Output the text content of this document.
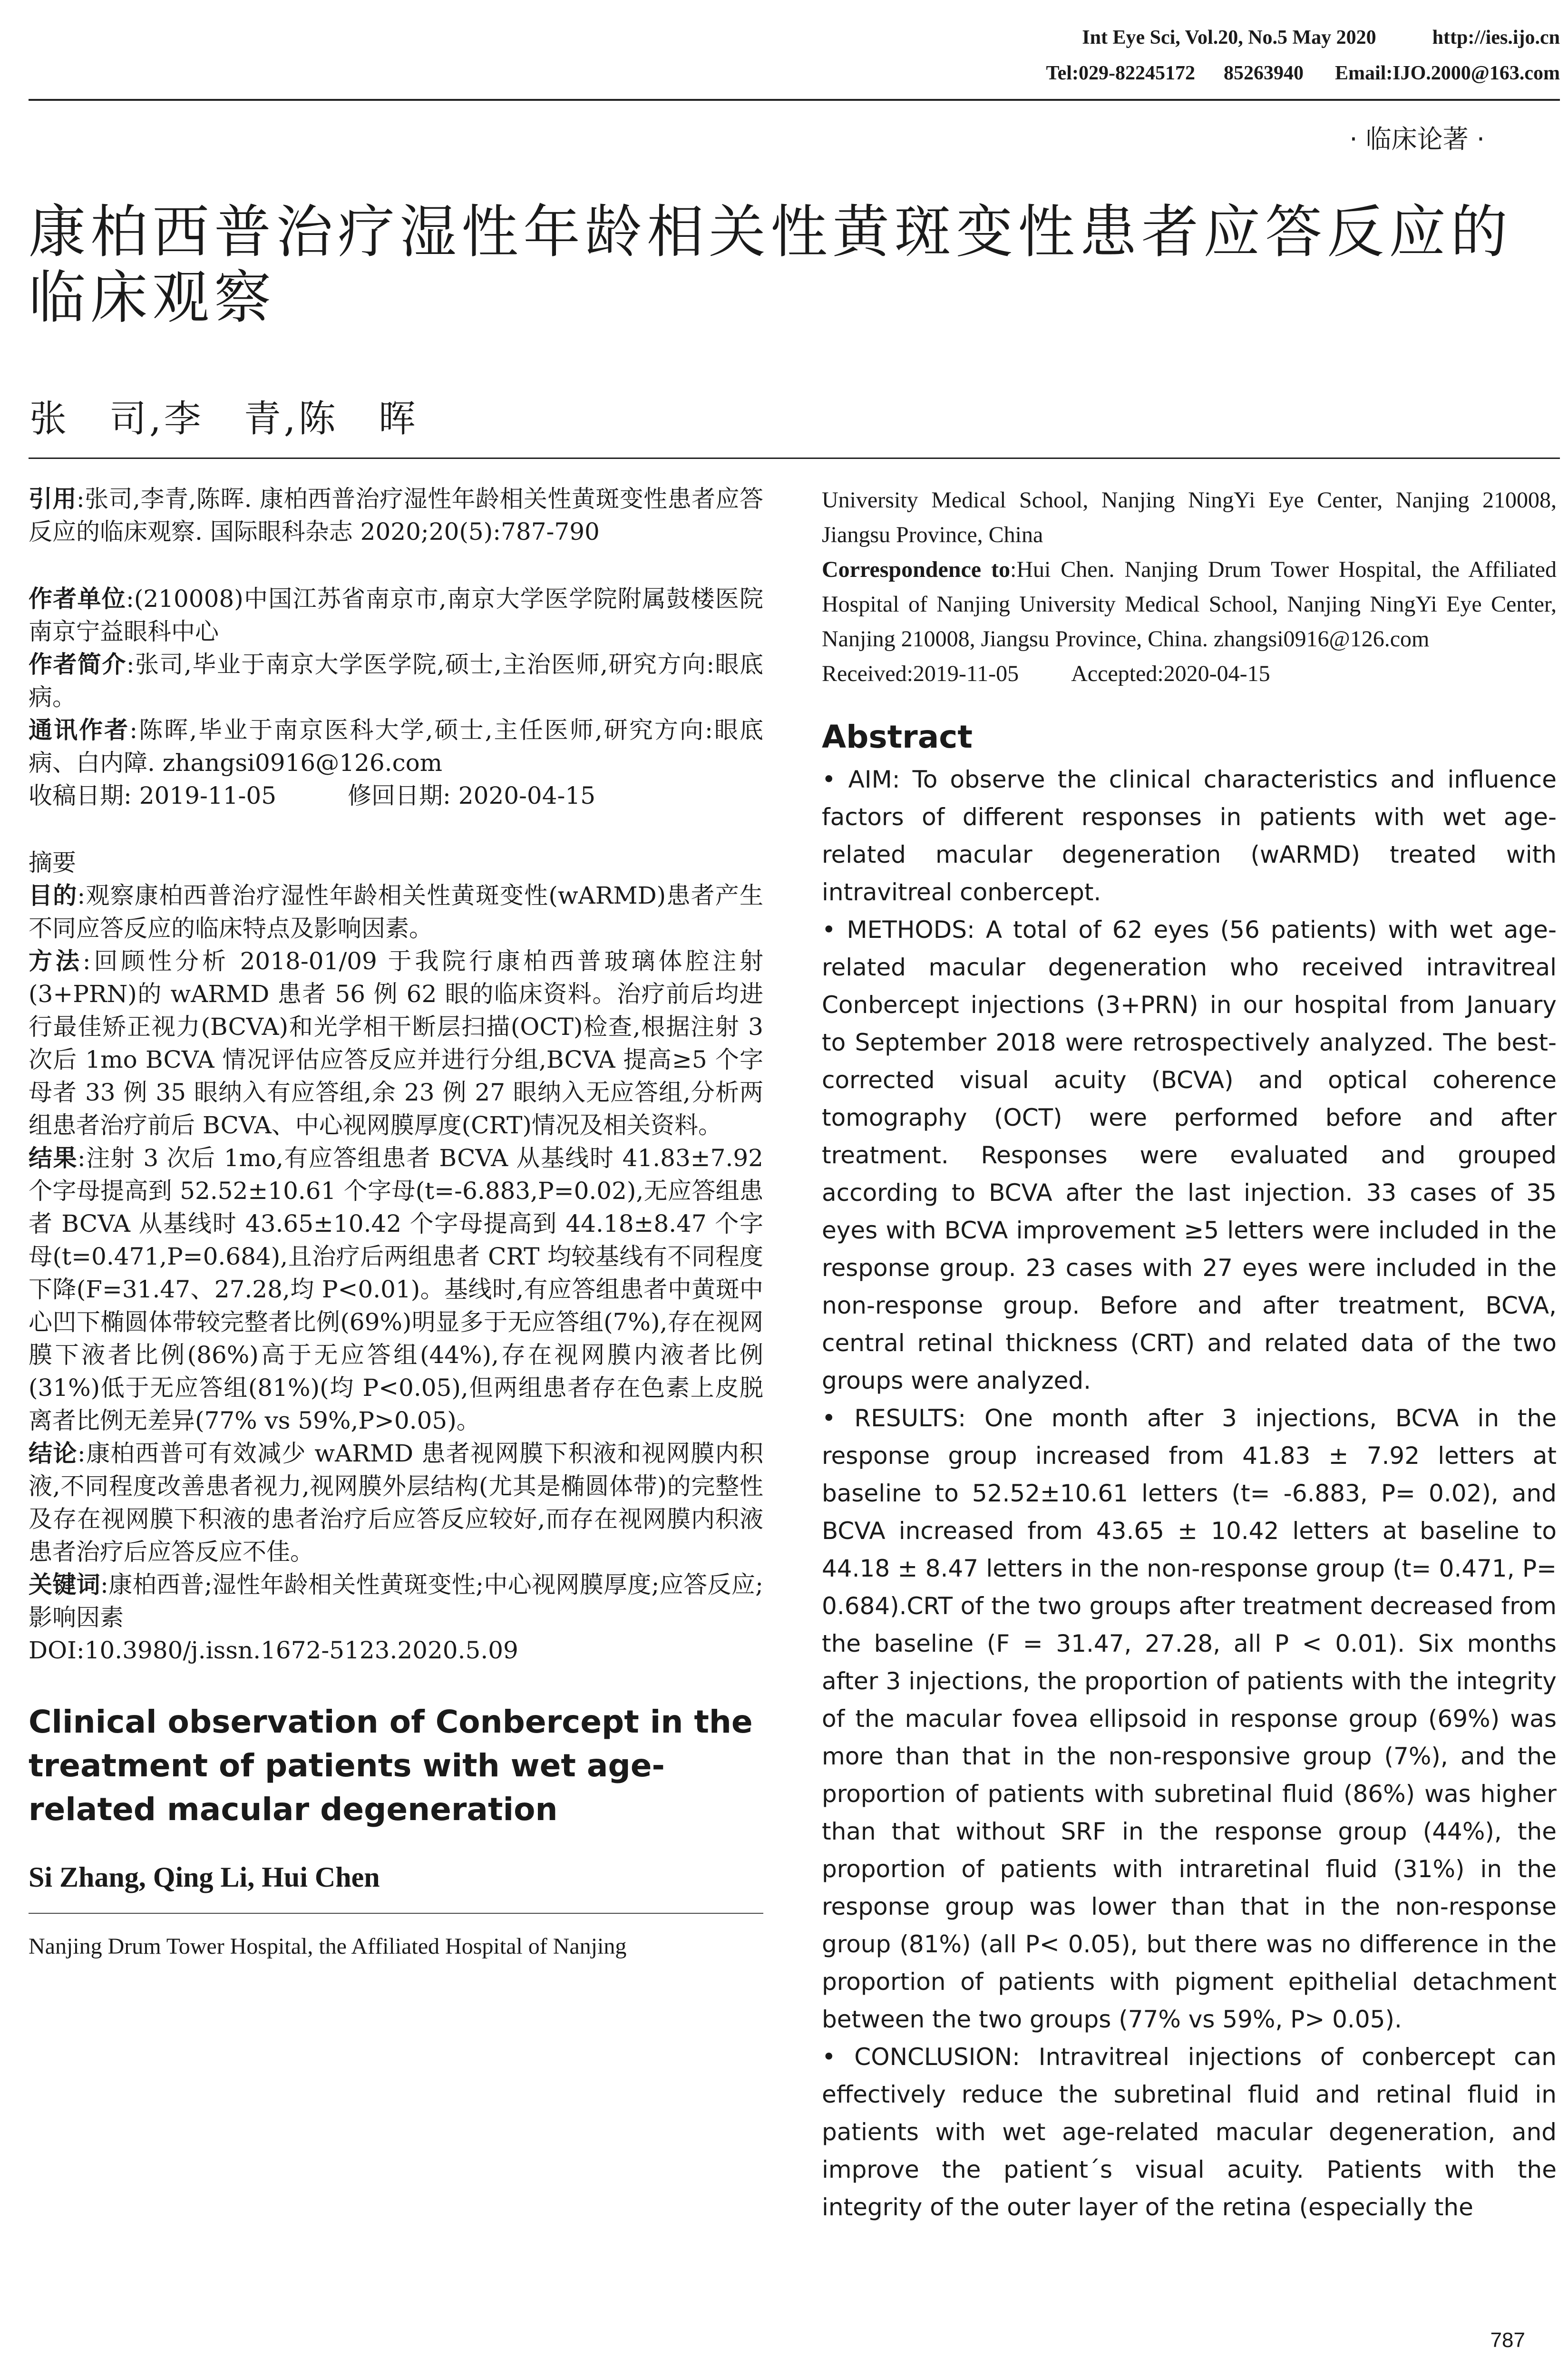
Int Eye Sci, Vol.20, No.5 May 2020	http://ies.ijo.cn
Tel:029-82245172 85263940 Email:IJO.2000@163.com
· 临床论著 ·
康柏西普治疗湿性年龄相关性黄斑变性患者应答反应的临床观察
张　司,李　青,陈　晖

引用:张司,李青,陈晖. 康柏西普治疗湿性年龄相关性黄斑变性患者应答反应的临床观察. 国际眼科杂志 2020;20(5):787-790

作者单位:(210008)中国江苏省南京市,南京大学医学院附属鼓楼医院 南京宁益眼科中心

作者简介:张司,毕业于南京大学医学院,硕士,主治医师,研究方向:眼底病。

通讯作者:陈晖,毕业于南京医科大学,硕士,主任医师,研究方向:眼底病、白内障. zhangsi0916@126.com

收稿日期: 2019-11-05　　　修回日期: 2020-04-15

摘要

目的:观察康柏西普治疗湿性年龄相关性黄斑变性(wARMD)患者产生不同应答反应的临床特点及影响因素。

方法:回顾性分析 2018-01/09 于我院行康柏西普玻璃体腔注射(3+PRN)的 wARMD 患者 56 例 62 眼的临床资料。治疗前后均进行最佳矫正视力(BCVA)和光学相干断层扫描(OCT)检查,根据注射 3 次后 1mo BCVA 情况评估应答反应并进行分组,BCVA 提高≥5 个字母者 33 例 35 眼纳入有应答组,余 23 例 27 眼纳入无应答组,分析两组患者治疗前后 BCVA、中心视网膜厚度(CRT)情况及相关资料。

结果:注射 3 次后 1mo,有应答组患者 BCVA 从基线时 41.83±7.92 个字母提高到 52.52±10.61 个字母(t=-6.883,P=0.02),无应答组患者 BCVA 从基线时 43.65±10.42 个字母提高到 44.18±8.47 个字母(t=0.471,P=0.684),且治疗后两组患者 CRT 均较基线有不同程度下降(F=31.47、27.28,均 P<0.01)。基线时,有应答组患者中黄斑中心凹下椭圆体带较完整者比例(69%)明显多于无应答组(7%),存在视网膜下液者比例(86%)高于无应答组(44%),存在视网膜内液者比例(31%)低于无应答组(81%)(均 P<0.05),但两组患者存在色素上皮脱离者比例无差异(77% vs 59%,P>0.05)。

结论:康柏西普可有效减少 wARMD 患者视网膜下积液和视网膜内积液,不同程度改善患者视力,视网膜外层结构(尤其是椭圆体带)的完整性及存在视网膜下积液的患者治疗后应答反应较好,而存在视网膜内积液患者治疗后应答反应不佳。

关键词:康柏西普;湿性年龄相关性黄斑变性;中心视网膜厚度;应答反应;影响因素

DOI:10.3980/j.issn.1672-5123.2020.5.09

Clinical observation of Conbercept in the treatment of patients with wet age-related macular degeneration
Si Zhang, Qing Li, Hui Chen
Nanjing Drum Tower Hospital, the Affiliated Hospital of Nanjing
University Medical School, Nanjing NingYi Eye Center, Nanjing 210008, Jiangsu Province, China
Correspondence to:Hui Chen. Nanjing Drum Tower Hospital, the Affiliated Hospital of Nanjing University Medical School, Nanjing NingYi Eye Center, Nanjing 210008, Jiangsu Province, China. zhangsi0916@126.com
Received:2019-11-05 Accepted:2020-04-15
Abstract

• AIM: To observe the clinical characteristics and influence factors of different responses in patients with wet age-related macular degeneration (wARMD) treated with intravitreal conbercept.

• METHODS: A total of 62 eyes (56 patients) with wet age-related macular degeneration who received intravitreal Conbercept injections (3+PRN) in our hospital from January to September 2018 were retrospectively analyzed. The best-corrected visual acuity (BCVA) and optical coherence tomography (OCT) were performed before and after treatment. Responses were evaluated and grouped according to BCVA after the last injection. 33 cases of 35 eyes with BCVA improvement ≥5 letters were included in the response group. 23 cases with 27 eyes were included in the non-response group. Before and after treatment, BCVA, central retinal thickness (CRT) and related data of the two groups were analyzed.

• RESULTS: One month after 3 injections, BCVA in the response group increased from 41.83 ± 7.92 letters at baseline to 52.52±10.61 letters (t= -6.883, P= 0.02), and BCVA increased from 43.65 ± 10.42 letters at baseline to 44.18 ± 8.47 letters in the non-response group (t= 0.471, P= 0.684).CRT of the two groups after treatment decreased from the baseline (F = 31.47, 27.28, all P < 0.01). Six months after 3 injections, the proportion of patients with the integrity of the macular fovea ellipsoid in response group (69%) was more than that in the non-responsive group (7%), and the proportion of patients with subretinal fluid (86%) was higher than that without SRF in the response group (44%), the proportion of patients with intraretinal fluid (31%) in the response group was lower than that in the non-response group (81%) (all P< 0.05), but there was no difference in the proportion of patients with pigment epithelial detachment between the two groups (77% vs 59%, P> 0.05).

• CONCLUSION: Intravitreal injections of conbercept can effectively reduce the subretinal fluid and retinal fluid in patients with wet age-related macular degeneration, and improve the patient´s visual acuity. Patients with the integrity of the outer layer of the retina (especially the

787
